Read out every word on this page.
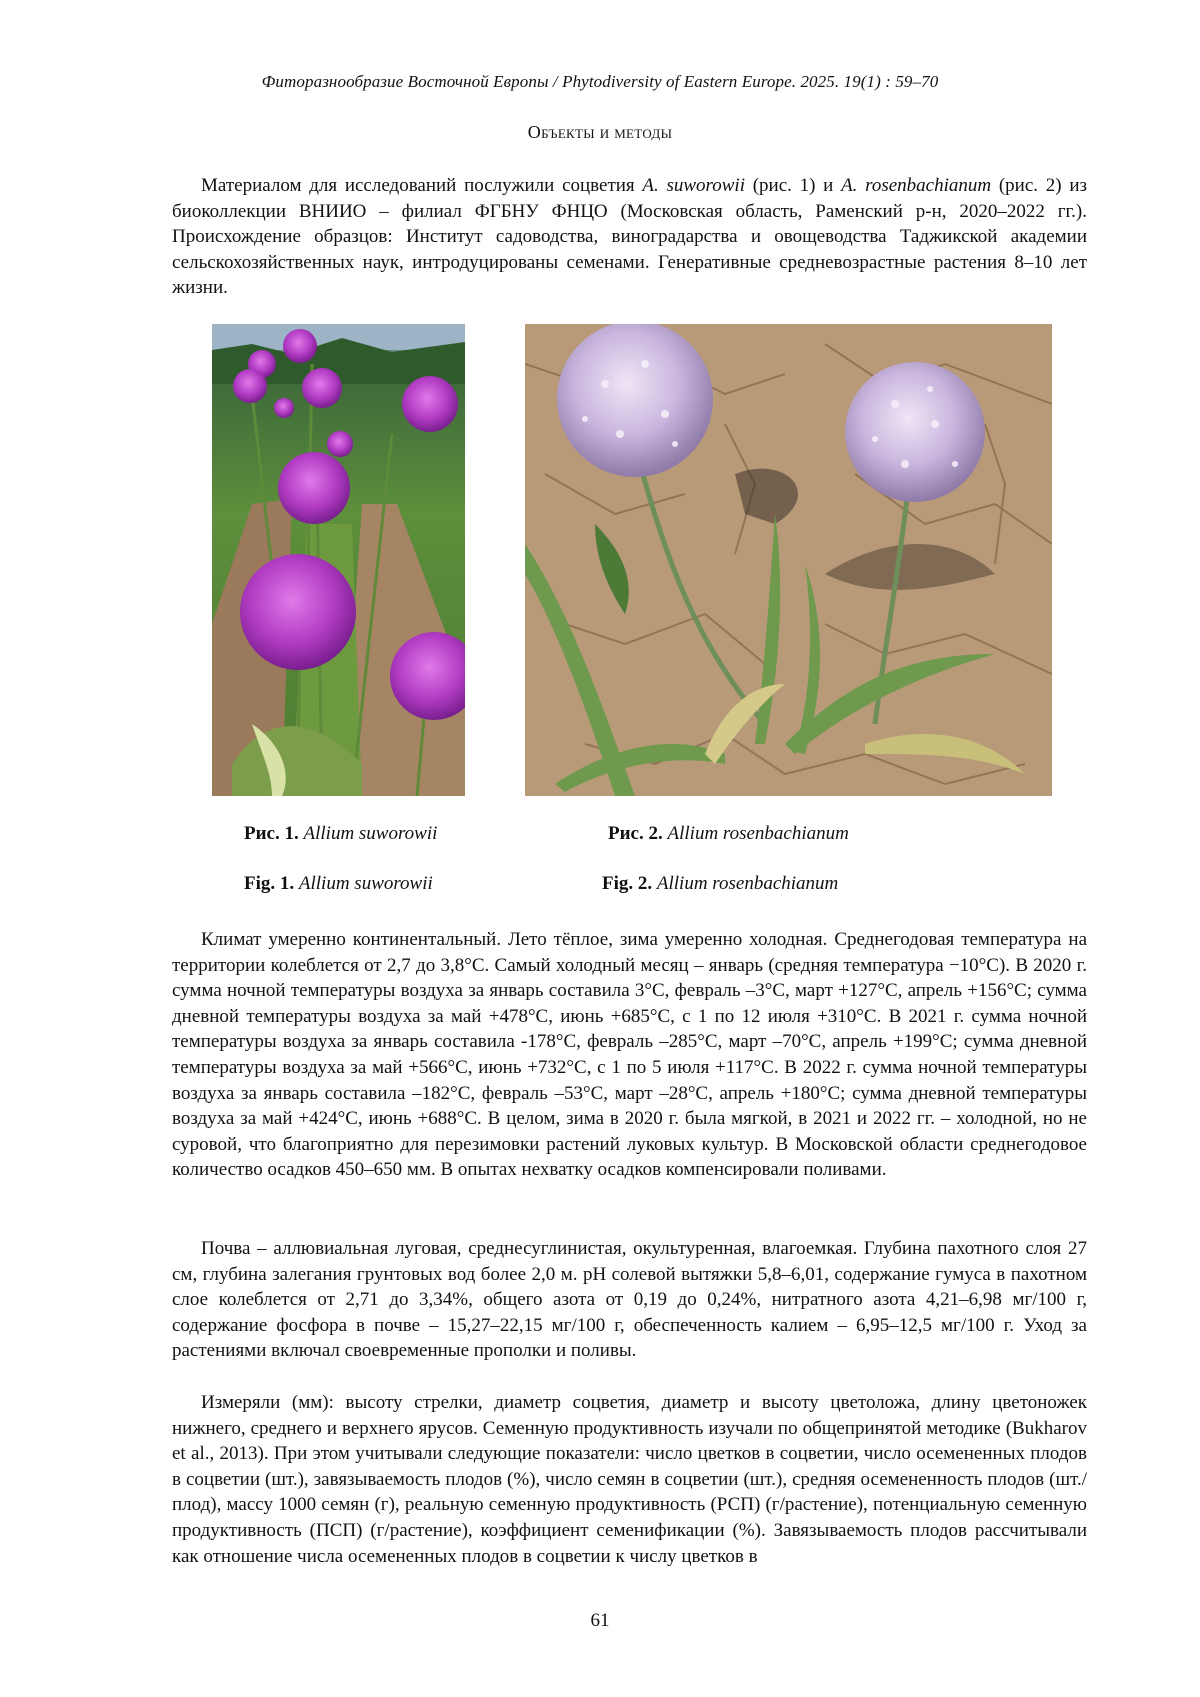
Фиторазнообразие Восточной Европы / Phytodiversity of Eastern Europe. 2025. 19(1) : 59–70
Объекты и методы

Материалом для исследований послужили соцветия A. suworowii (рис. 1) и A. rosenbachianum (рис. 2) из биоколлекции ВНИИО – филиал ФГБНУ ФНЦО (Московская область, Раменский р-н, 2020–2022 гг.). Происхождение образцов: Институт садоводства, виноградарства и овощеводства Таджикской академии сельскохозяйственных наук, интродуцированы семенами. Генеративные средневозрастные растения 8–10 лет жизни.

Рис. 1. Allium suworowii	Рис. 2. Allium rosenbachianum
Fig. 1. Allium suworowii	Fig. 2. Allium rosenbachianum

Климат умеренно континентальный. Лето тёплое, зима умеренно холодная. Среднегодовая температура на территории колеблется от 2,7 до 3,8°C. Самый холодный месяц – январь (средняя температура −10°C). В 2020 г. сумма ночной температуры воздуха за январь составила 3°C, февраль –3°C, март +127°C, апрель +156°C; сумма дневной температуры воздуха за май +478°C, июнь +685°C, с 1 по 12 июля +310°C. В 2021 г. сумма ночной температуры воздуха за январь составила -178°C, февраль –285°C, март –70°C, апрель +199°C; сумма дневной температуры воздуха за май +566°C, июнь +732°C, с 1 по 5 июля +117°C. В 2022 г. сумма ночной температуры воздуха за январь составила –182°C, февраль –53°C, март –28°C, апрель +180°C; сумма дневной температуры воздуха за май +424°C, июнь +688°C. В целом, зима в 2020 г. была мягкой, в 2021 и 2022 гг. – холодной, но не суровой, что благоприятно для перезимовки растений луковых культур. В Московской области среднегодовое количество осадков 450–650 мм. В опытах нехватку осадков компенсировали поливами.

Почва – аллювиальная луговая, среднесуглинистая, окультуренная, влагоемкая. Глубина пахотного слоя 27 см, глубина залегания грунтовых вод более 2,0 м. pH солевой вытяжки 5,8–6,01, содержание гумуса в пахотном слое колеблется от 2,71 до 3,34%, общего азота от 0,19 до 0,24%, нитратного азота 4,21–6,98 мг/100 г, содержание фосфора в почве – 15,27–22,15 мг/100 г, обеспеченность калием – 6,95–12,5 мг/100 г. Уход за растениями включал своевременные прополки и поливы.

Измеряли (мм): высоту стрелки, диаметр соцветия, диаметр и высоту цветоложа, длину цветоножек нижнего, среднего и верхнего ярусов. Семенную продуктивность изучали по общепринятой методике (Bukharov et al., 2013). При этом учитывали следующие показатели: число цветков в соцветии, число осемененных плодов в соцветии (шт.), завязываемость плодов (%), число семян в соцветии (шт.), средняя осемененность плодов (шт./плод), массу 1000 семян (г), реальную семенную продуктивность (РСП) (г/растение), потенциальную семенную продуктивность (ПСП) (г/растение), коэффициент семенификации (%). Завязываемость плодов рассчитывали как отношение числа осемененных плодов в соцветии к числу цветков в

61
